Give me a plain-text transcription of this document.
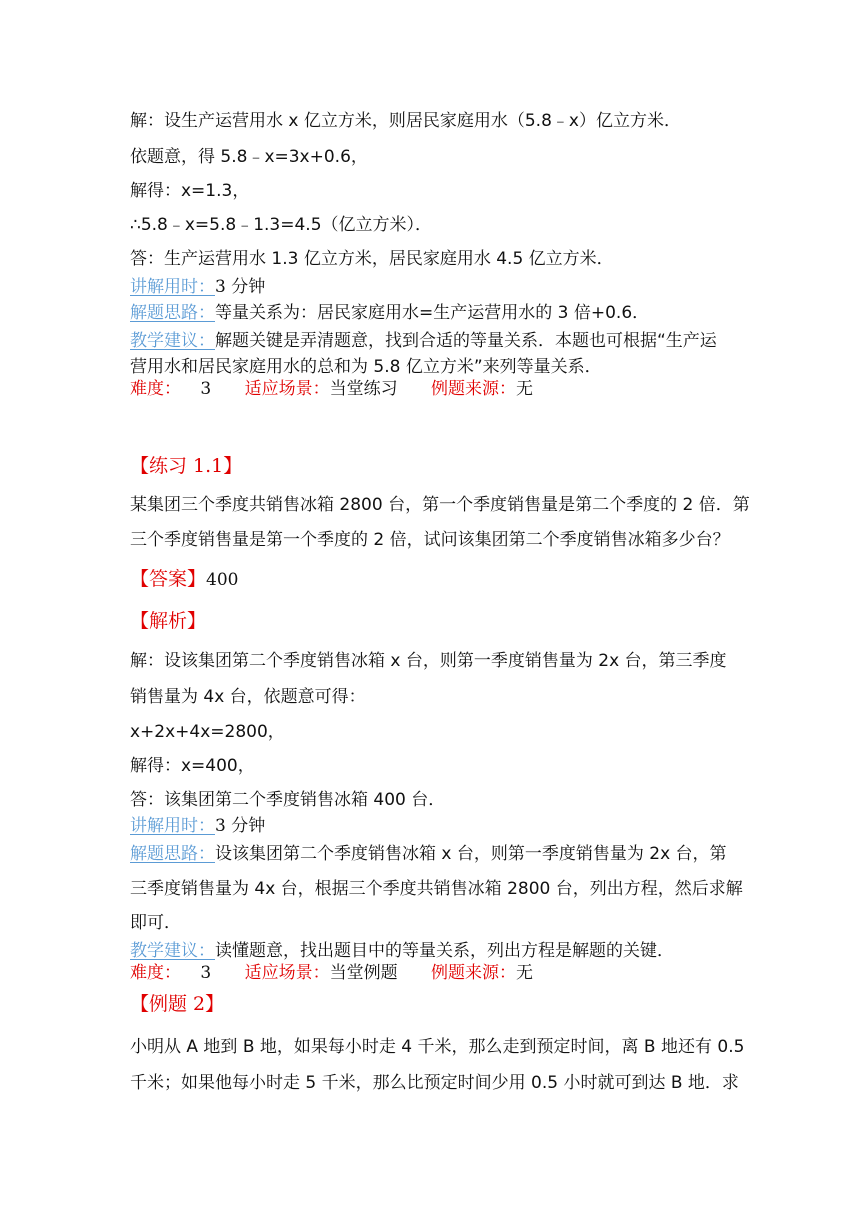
解：设生产运营用水 x 亿立方米，则居民家庭用水（5.8﹣x）亿立方米．
依题意，得 5.8﹣x=3x+0.6，
解得：x=1.3，
∴5.8﹣x=5.8﹣1.3=4.5（亿立方米）．
答：生产运营用水 1.3 亿立方米，居民家庭用水 4.5 亿立方米．
讲解用时：3 分钟
解题思路：等量关系为：居民家庭用水=生产运营用水的 3 倍+0.6．
教学建议：解题关键是弄清题意，找到合适的等量关系．本题也可根据“生产运
营用水和居民家庭用水的总和为 5.8 亿立方米”来列等量关系．
难度： 3 适应场景：当堂练习 例题来源：无
【练习 1.1】
某集团三个季度共销售冰箱 2800 台，第一个季度销售量是第二个季度的 2 倍．第
三个季度销售量是第一个季度的 2 倍，试问该集团第二个季度销售冰箱多少台？
【答案】400
【解析】
解：设该集团第二个季度销售冰箱 x 台，则第一季度销售量为 2x 台，第三季度
销售量为 4x 台，依题意可得：
x+2x+4x=2800，
解得：x=400，
答：该集团第二个季度销售冰箱 400 台．
讲解用时：3 分钟
解题思路：设该集团第二个季度销售冰箱 x 台，则第一季度销售量为 2x 台，第
三季度销售量为 4x 台，根据三个季度共销售冰箱 2800 台，列出方程，然后求解
即可．
教学建议：读懂题意，找出题目中的等量关系，列出方程是解题的关键．
难度： 3 适应场景：当堂例题 例题来源：无
【例题 2】
小明从 A 地到 B 地，如果每小时走 4 千米，那么走到预定时间，离 B 地还有 0.5
千米；如果他每小时走 5 千米，那么比预定时间少用 0.5 小时就可到达 B 地．求
